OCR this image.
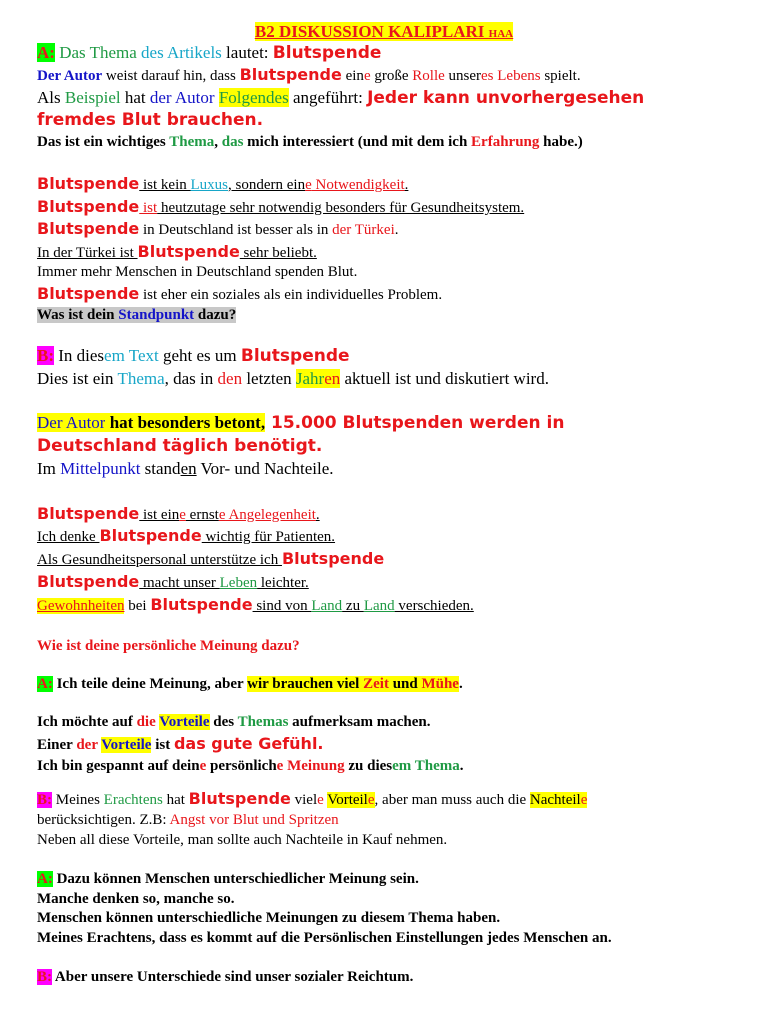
B2 DISKUSSION KALIPLARI HAA
A: Das Thema des Artikels lautet: Blutspende
Der Autor weist darauf hin, dass Blutspende eine große Rolle unseres Lebens spielt.
Als Beispiel hat der Autor Folgendes angeführt: Jeder kann unvorhergesehen
fremdes Blut brauchen.
Das ist ein wichtiges Thema, das mich interessiert (und mit dem ich Erfahrung habe.)
Blutspende ist kein Luxus, sondern eine Notwendigkeit.
Blutspende ist heutzutage sehr notwendig besonders für Gesundheitsystem.
Blutspende in Deutschland ist besser als in der Türkei.
In der Türkei ist Blutspende sehr beliebt.
Immer mehr Menschen in Deutschland spenden Blut.
Blutspende ist eher ein soziales als ein individuelles Problem.
Was ist dein Standpunkt dazu?
B: In diesem Text geht es um Blutspende
Dies ist ein Thema, das in den letzten Jahren aktuell ist und diskutiert wird.
Der Autor hat besonders betont, 15.000 Blutspenden werden in
Deutschland täglich benötigt.
Im Mittelpunkt standen Vor- und Nachteile.
Blutspende ist eine ernste Angelegenheit.
Ich denke Blutspende wichtig für Patienten.
Als Gesundheitspersonal unterstütze ich Blutspende
Blutspende macht unser Leben leichter.
Gewohnheiten bei Blutspende sind von Land zu Land verschieden.
Wie ist deine persönliche Meinung dazu?
A: Ich teile deine Meinung, aber wir brauchen viel Zeit und Mühe.
Ich möchte auf die Vorteile des Themas aufmerksam machen.
Einer der Vorteile ist das gute Gefühl.
Ich bin gespannt auf deine persönliche Meinung zu diesem Thema.
B: Meines Erachtens hat Blutspende viele Vorteile, aber man muss auch die Nachteile
berücksichtigen. Z.B: Angst vor Blut und Spritzen
Neben all diese Vorteile, man sollte auch Nachteile in Kauf nehmen.
A: Dazu können Menschen unterschiedlicher Meinung sein.
Manche denken so, manche so.
Menschen können unterschiedliche Meinungen zu diesem Thema haben.
Meines Erachtens, dass es kommt auf die Persönlischen Einstellungen jedes Menschen an.
B: Aber unsere Unterschiede sind unser sozialer Reichtum.
